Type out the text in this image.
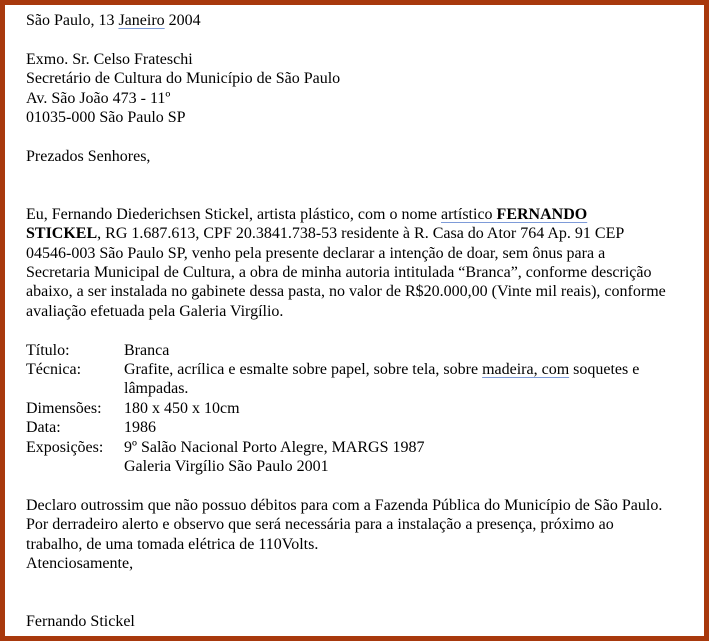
São Paulo, 13 Janeiro 2004
Exmo. Sr. Celso Frateschi
Secretário de Cultura do Município de São Paulo
Av. São João 473 - 11º
01035-000 São Paulo SP
Prezados Senhores,
Eu, Fernando Diederichsen Stickel, artista plástico, com o nome artístico FERNANDO
STICKEL, RG 1.687.613, CPF 20.3841.738-53 residente à R. Casa do Ator 764 Ap. 91 CEP
04546-003 São Paulo SP, venho pela presente declarar a intenção de doar, sem ônus para a
Secretaria Municipal de Cultura, a obra de minha autoria intitulada “Branca”, conforme descrição
abaixo, a ser instalada no gabinete dessa pasta, no valor de R$20.000,00 (Vinte mil reais), conforme
avaliação efetuada pela Galeria Virgílio.
Título:	Branca
Técnica:	Grafite, acrílica e esmalte sobre papel, sobre tela, sobre madeira, com soquetes e
lâmpadas.
Dimensões:	180 x 450 x 10cm
Data:	1986
Exposições:	9º Salão Nacional Porto Alegre, MARGS 1987
Galeria Virgílio São Paulo 2001
Declaro outrossim que não possuo débitos para com a Fazenda Pública do Município de São Paulo.
Por derradeiro alerto e observo que será necessária para a instalação a presença, próximo ao
trabalho, de uma tomada elétrica de 110Volts.
Atenciosamente,
Fernando Stickel
